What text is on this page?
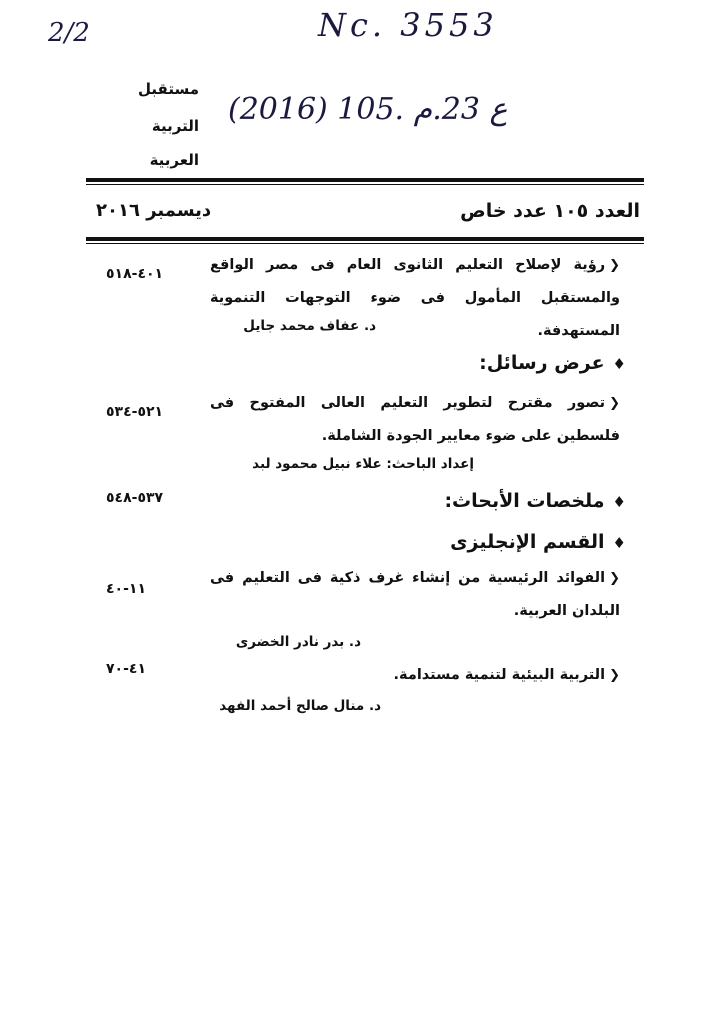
2/2	Nc. 3553
(2016) 105. ع 23.م
مستقبل
التربية
العربية
العدد ١٠٥ عدد خاص
ديسمبر ٢٠١٦
❮رؤية لإصلاح التعليم الثانوى العام فى مصر الواقع والمستقبل المأمول فى ضوء التوجهات التنموية المستهدفة.
د. عفاف محمد جايل
٤٠١-٥١٨
♦عرض رسائل:
❮تصور مقترح لتطوير التعليم العالى المفتوح فى فلسطين على ضوء معايير الجودة الشاملة.
إعداد الباحث: علاء نبيل محمود لبد
٥٢١-٥٣٤
♦ملخصات الأبحاث:
٥٣٧-٥٤٨
♦القسم الإنجليزى
❮الفوائد الرئيسية من إنشاء غرف ذكية فى التعليم فى البلدان العربية.
د. بدر نادر الخضرى
١١-٤٠
❮التربية البيئية لتنمية مستدامة.
د. منال صالح أحمد الفهد
٤١-٧٠
